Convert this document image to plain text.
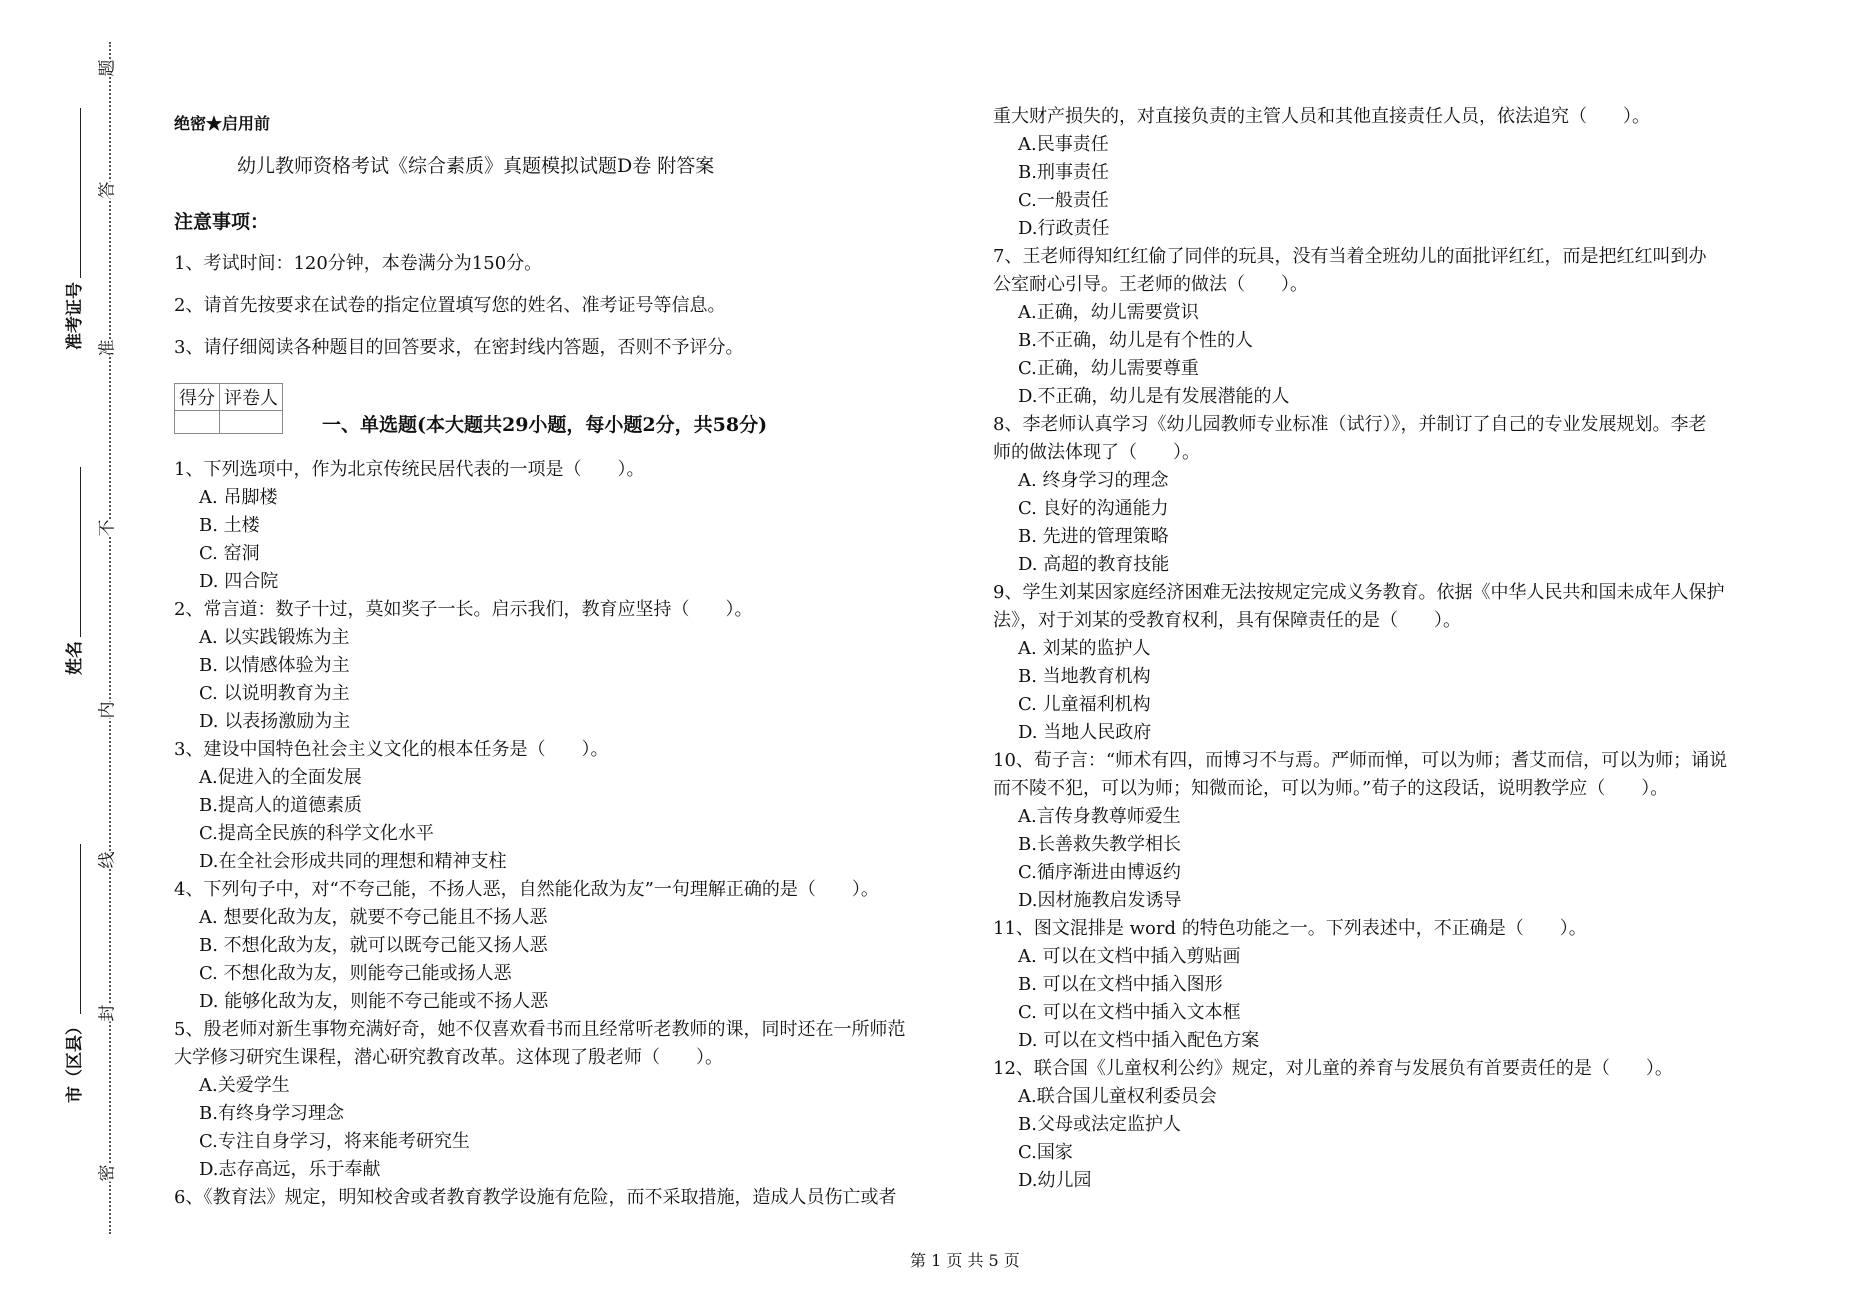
题
答
准
不
内
线
封
密
准考证号
姓名
市（区县）
绝密★启用前
幼儿教师资格考试《综合素质》真题模拟试题D卷 附答案
注意事项：
1、考试时间：120分钟，本卷满分为150分。
2、请首先按要求在试卷的指定位置填写您的姓名、准考证号等信息。
3、请仔细阅读各种题目的回答要求，在密封线内答题，否则不予评分。
得分	评卷人

一、单选题(本大题共29小题，每小题2分，共58分)
1、下列选项中，作为北京传统民居代表的一项是（　　）。
A. 吊脚楼
B. 土楼
C. 窑洞
D. 四合院
2、常言道：数子十过，莫如奖子一长。启示我们，教育应坚持（　　）。
A. 以实践锻炼为主
B. 以情感体验为主
C. 以说明教育为主
D. 以表扬激励为主
3、建设中国特色社会主义文化的根本任务是（　　）。
A.促进入的全面发展
B.提高人的道德素质
C.提高全民族的科学文化水平
D.在全社会形成共同的理想和精神支柱
4、下列句子中，对“不夸己能，不扬人恶，自然能化敌为友”一句理解正确的是（　　）。
A. 想要化敌为友，就要不夸己能且不扬人恶
B. 不想化敌为友，就可以既夸己能又扬人恶
C. 不想化敌为友，则能夸己能或扬人恶
D. 能够化敌为友，则能不夸己能或不扬人恶
5、殷老师对新生事物充满好奇，她不仅喜欢看书而且经常听老教师的课，同时还在一所师范
大学修习研究生课程，潜心研究教育改革。这体现了殷老师（　　）。
A.关爱学生
B.有终身学习理念
C.专注自身学习，将来能考研究生
D.志存高远，乐于奉献
6、《教育法》规定，明知校舍或者教育教学设施有危险，而不采取措施，造成人员伤亡或者
重大财产损失的，对直接负责的主管人员和其他直接责任人员，依法追究（　　）。
A.民事责任
B.刑事责任
C.一般责任
D.行政责任
7、王老师得知红红偷了同伴的玩具，没有当着全班幼儿的面批评红红，而是把红红叫到办
公室耐心引导。王老师的做法（　　）。
A.正确，幼儿需要赏识
B.不正确，幼儿是有个性的人
C.正确，幼儿需要尊重
D.不正确，幼儿是有发展潜能的人
8、李老师认真学习《幼儿园教师专业标准（试行）》，并制订了自己的专业发展规划。李老
师的做法体现了（　　）。
A. 终身学习的理念
C. 良好的沟通能力
B. 先进的管理策略
D. 高超的教育技能
9、学生刘某因家庭经济困难无法按规定完成义务教育。依据《中华人民共和国未成年人保护
法》，对于刘某的受教育权利，具有保障责任的是（　　）。
A. 刘某的监护人
B. 当地教育机构
C. 儿童福利机构
D. 当地人民政府
10、荀子言：“师术有四，而博习不与焉。严师而惮，可以为师；耆艾而信，可以为师；诵说
而不陵不犯，可以为师；知微而论，可以为师。”荀子的这段话，说明教学应（　　）。
A.言传身教尊师爱生
B.长善救失教学相长
C.循序渐进由博返约
D.因材施教启发诱导
11、图文混排是 word 的特色功能之一。下列表述中，不正确是（　　）。
A. 可以在文档中插入剪贴画
B. 可以在文档中插入图形
C. 可以在文档中插入文本框
D. 可以在文档中插入配色方案
12、联合国《儿童权利公约》规定，对儿童的养育与发展负有首要责任的是（　　）。
A.联合国儿童权利委员会
B.父母或法定监护人
C.国家
D.幼儿园
第 1 页 共 5 页
